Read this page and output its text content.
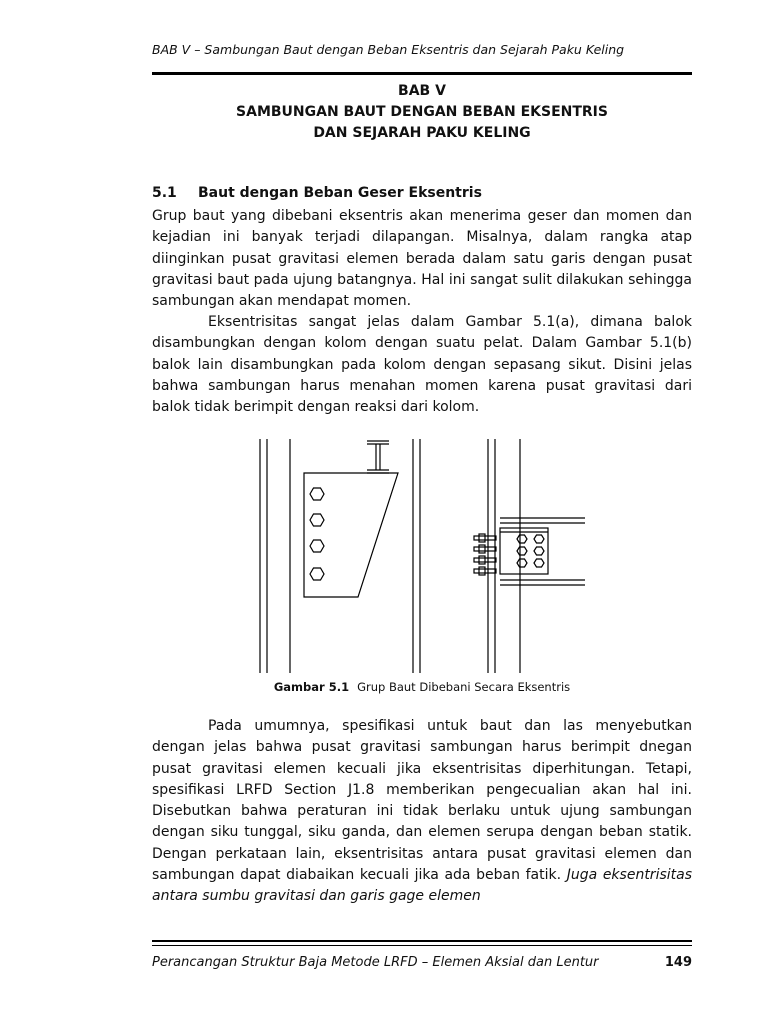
BAB V – Sambungan Baut dengan Beban Eksentris dan Sejarah Paku Keling
BAB V
SAMBUNGAN BAUT DENGAN BEBAN EKSENTRIS
DAN SEJARAH PAKU KELING
5.1 Baut dengan Beban Geser Eksentris

Grup baut yang dibebani eksentris akan menerima geser dan momen dan kejadian ini banyak terjadi dilapangan. Misalnya, dalam rangka atap diinginkan pusat gravitasi elemen berada dalam satu garis dengan pusat gravitasi baut pada ujung batangnya. Hal ini sangat sulit dilakukan sehingga sambungan akan mendapat momen.

Eksentrisitas sangat jelas dalam Gambar 5.1(a), dimana balok disambungkan dengan kolom dengan suatu pelat. Dalam Gambar 5.1(b) balok lain disambungkan pada kolom dengan sepasang sikut. Disini jelas bahwa sambungan harus menahan momen karena pusat gravitasi dari balok tidak berimpit dengan reaksi dari kolom.

Gambar 5.1 Grup Baut Dibebani Secara Eksentris

Pada umumnya, spesifikasi untuk baut dan las menyebutkan dengan jelas bahwa pusat gravitasi sambungan harus berimpit dnegan pusat gravitasi elemen kecuali jika eksentrisitas diperhitungan. Tetapi, spesifikasi LRFD Section J1.8 memberikan pengecualian akan hal ini. Disebutkan bahwa peraturan ini tidak berlaku untuk ujung sambungan dengan siku tunggal, siku ganda, dan elemen serupa dengan beban statik. Dengan perkataan lain, eksentrisitas antara pusat gravitasi elemen dan sambungan dapat diabaikan kecuali jika ada beban fatik. Juga eksentrisitas antara sumbu gravitasi dan garis gage elemen

Perancangan Struktur Baja Metode LRFD – Elemen Aksial dan Lentur	149
